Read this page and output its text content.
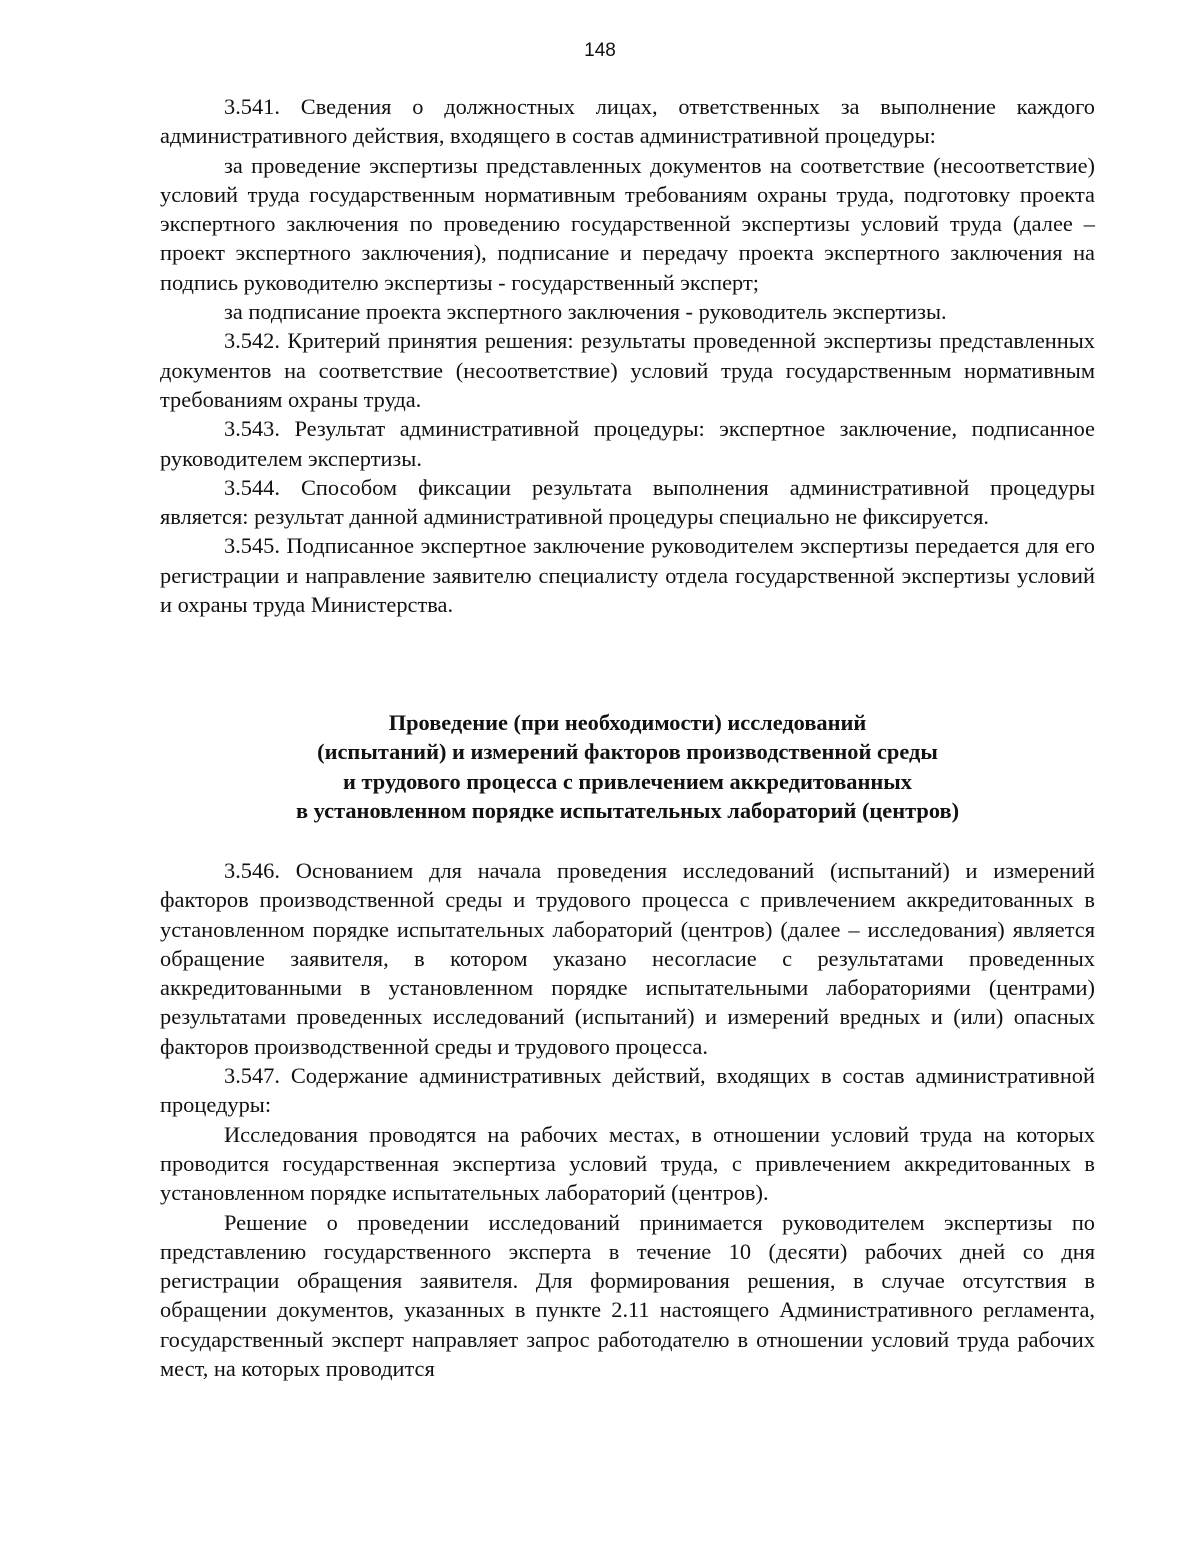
148

3.541. Сведения о должностных лицах, ответственных за выполнение каждого административного действия, входящего в состав административной процедуры:

за проведение экспертизы представленных документов на соответствие (несоответствие) условий труда государственным нормативным требованиям охраны труда, подготовку проекта экспертного заключения по проведению государственной экспертизы условий труда (далее – проект экспертного заключения), подписание и передачу проекта экспертного заключения на подпись руководителю экспертизы - государственный эксперт;

за подписание проекта экспертного заключения - руководитель экспертизы.

3.542. Критерий принятия решения: результаты проведенной экспертизы представленных документов на соответствие (несоответствие) условий труда государственным нормативным требованиям охраны труда.

3.543. Результат административной процедуры: экспертное заключение, подписанное руководителем экспертизы.

3.544. Способом фиксации результата выполнения административной процедуры является: результат данной административной процедуры специально не фиксируется.

3.545. Подписанное экспертное заключение руководителем экспертизы передается для его регистрации и направление заявителю специалисту отдела государственной экспертизы условий и охраны труда Министерства.

Проведение (при необходимости) исследований
(испытаний) и измерений факторов производственной среды
и трудового процесса с привлечением аккредитованных
в установленном порядке испытательных лабораторий (центров)

3.546. Основанием для начала проведения исследований (испытаний) и измерений факторов производственной среды и трудового процесса с привлечением аккредитованных в установленном порядке испытательных лабораторий (центров) (далее – исследования) является обращение заявителя, в котором указано несогласие с результатами проведенных аккредитованными в установленном порядке испытательными лабораториями (центрами) результатами проведенных исследований (испытаний) и измерений вредных и (или) опасных факторов производственной среды и трудового процесса.

3.547. Содержание административных действий, входящих в состав административной процедуры:

Исследования проводятся на рабочих местах, в отношении условий труда на которых проводится государственная экспертиза условий труда, с привлечением аккредитованных в установленном порядке испытательных лабораторий (центров).

Решение о проведении исследований принимается руководителем экспертизы по представлению государственного эксперта в течение 10 (десяти) рабочих дней со дня регистрации обращения заявителя. Для формирования решения, в случае отсутствия в обращении документов, указанных в пункте 2.11 настоящего Административного регламента, государственный эксперт направляет запрос работодателю в отношении условий труда рабочих мест, на которых проводится
